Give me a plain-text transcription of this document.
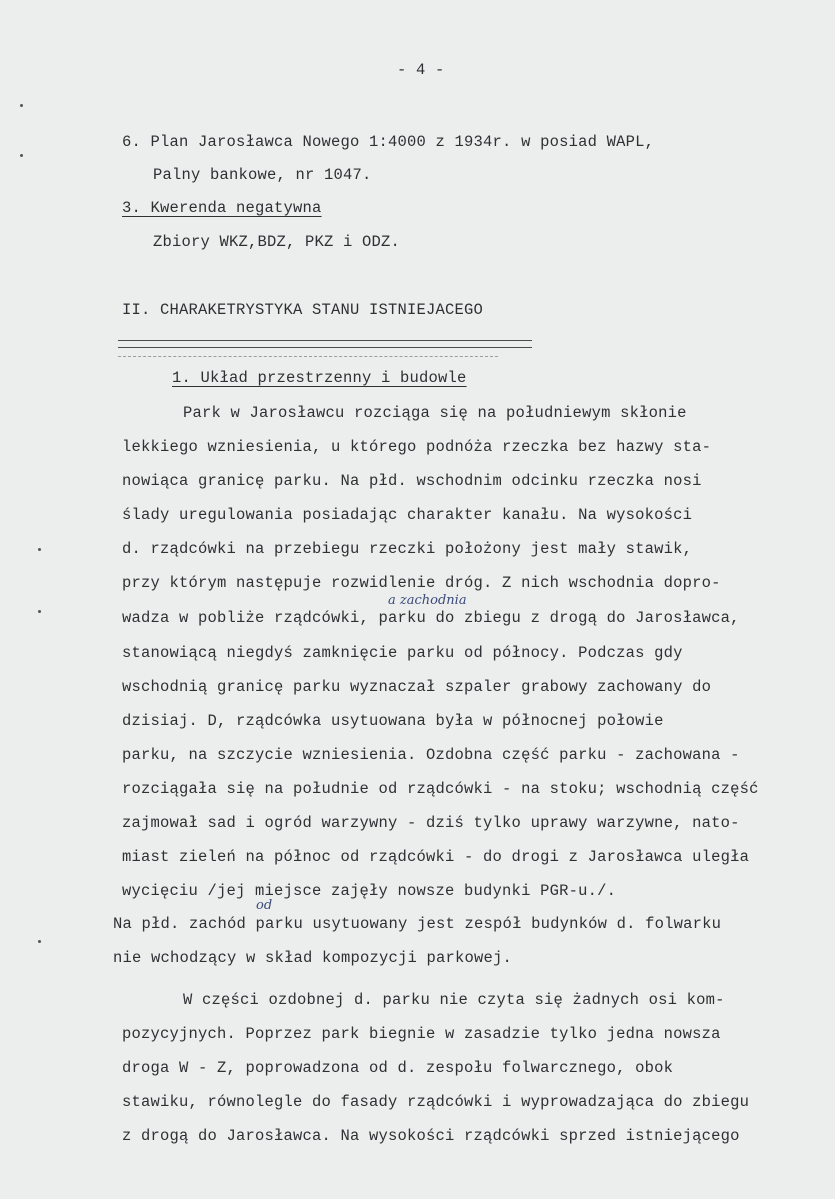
- 4 -
6. Plan Jarosławca Nowego 1:4000 z 1934r. w posiad WAPL,
Palny bankowe, nr 1047.
3. Kwerenda negatywna
Zbiory WKZ,BDZ, PKZ i ODZ.
II. CHARAKETRYSTYKA STANU ISTNIEJACEGO
1. Układ przestrzenny i budowle
Park w Jarosławcu rozciąga się na południewym skłonie
lekkiego wzniesienia, u którego podnóża rzeczka bez hazwy sta-
nowiąca granicę parku. Na płd. wschodnim odcinku rzeczka nosi
ślady uregulowania posiadając charakter kanału. Na wysokości
d. rządcówki na przebiegu rzeczki położony jest mały stawik,
przy którym następuje rozwidlenie dróg. Z nich wschodnia dopro-
a zachodnia
wadza w pobliże rządcówki, parku do zbiegu z drogą do Jarosławca,
stanowiącą niegdyś zamknięcie parku od północy. Podczas gdy
wschodnią granicę parku wyznaczał szpaler grabowy zachowany do
dzisiaj. D, rządcówka usytuowana była w północnej połowie
parku, na szczycie wzniesienia. Ozdobna część parku - zachowana -
rozciągała się na południe od rządcówki - na stoku; wschodnią część
zajmował sad i ogród warzywny - dziś tylko uprawy warzywne, nato-
miast zieleń na północ od rządcówki - do drogi z Jarosławca uległa
wycięciu /jej miejsce zajęły nowsze budynki PGR-u./.
od
Na płd. zachód parku usytuowany jest zespół budynków d. folwarku
nie wchodzący w skład kompozycji parkowej.
W części ozdobnej d. parku nie czyta się żadnych osi kom-
pozycyjnych. Poprzez park biegnie w zasadzie tylko jedna nowsza
droga W - Z, poprowadzona od d. zespołu folwarcznego, obok
stawiku, równolegle do fasady rządcówki i wyprowadzająca do zbiegu
z drogą do Jarosławca. Na wysokości rządcówki sprzed istniejącego
